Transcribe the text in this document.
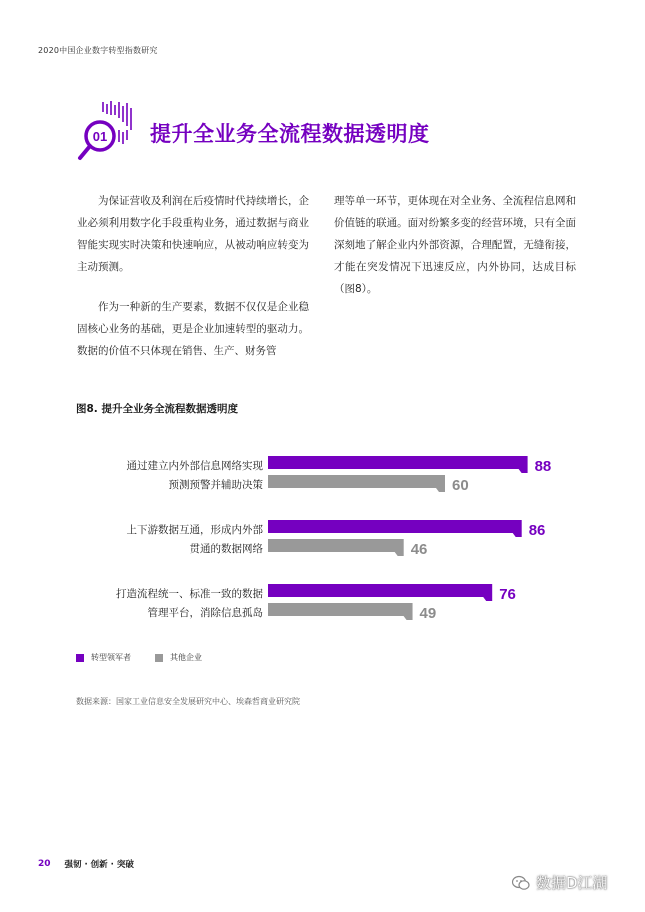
2020中国企业数字转型指数研究
01 提升全业务全流程数据透明度

为保证营收及利润在后疫情时代持续增长，企业必须利用数字化手段重构业务，通过数据与商业智能实现实时决策和快速响应，从被动响应转变为主动预测。

作为一种新的生产要素，数据不仅仅是企业稳固核心业务的基础，更是企业加速转型的驱动力。数据的价值不只体现在销售、生产、财务管

理等单一环节，更体现在对全业务、全流程信息网和价值链的联通。面对纷繁多变的经营环境，只有全面深刻地了解企业内外部资源，合理配置，无缝衔接，才能在突发情况下迅速反应，内外协同，达成目标（图8）。

图8. 提升全业务全流程数据透明度
通过建立内外部信息网络实现
预测预警并辅助决策
88
60
上下游数据互通，形成内外部
贯通的数据网络
86
46
打造流程统一、标准一致的数据
管理平台，消除信息孤岛
76
49
转型领军者	其他企业
数据来源：国家工业信息安全发展研究中心、埃森哲商业研究院
20 强韧 · 创新 · 突破
数据D江湖
